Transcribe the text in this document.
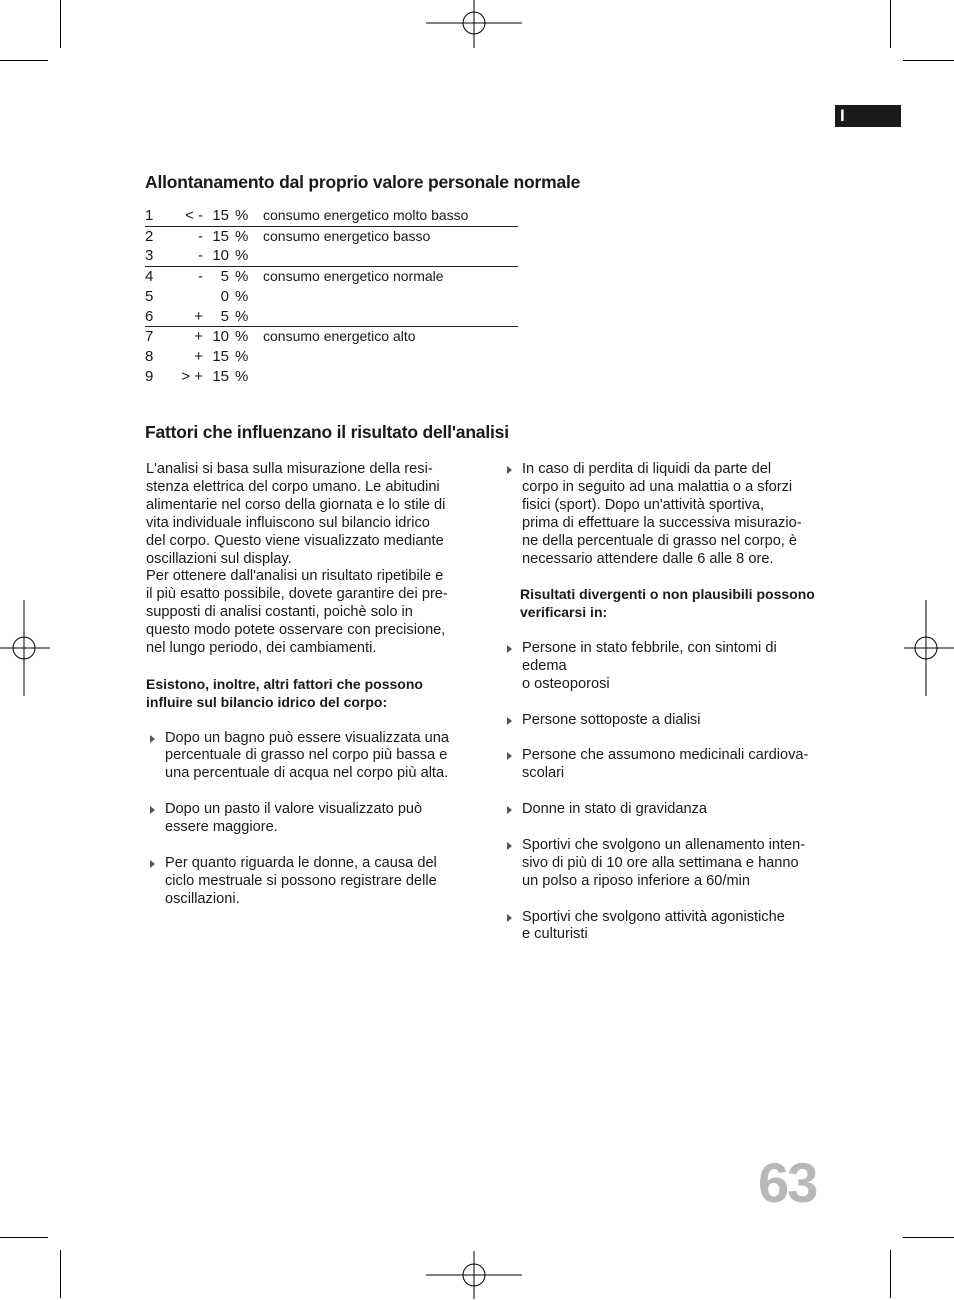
I
Allontanamento dal proprio valore personale normale
1	< -	15	%	consumo energetico molto basso
2	-	15	%	consumo energetico basso
3	-	10	%	
4	-	5	%	consumo energetico normale
5		0	%	
6	+	5	%	
7	+	10	%	consumo energetico alto
8	+	15	%	
9	> +	15	%	
Fattori che influenzano il risultato dell'analisi

L'analisi si basa sulla misurazione della resi-
stenza elettrica del corpo umano. Le abitudini
alimentarie nel corso della giornata e lo stile di
vita individuale influiscono sul bilancio idrico
del corpo. Questo viene visualizzato mediante
oscillazioni sul display.
Per ottenere dall'analisi un risultato ripetibile e
il più esatto possibile, dovete garantire dei pre-
supposti di analisi costanti, poichè solo in
questo modo potete osservare con precisione,
nel lungo periodo, dei cambiamenti.

Esistono, inoltre, altri fattori che possono
influire sul bilancio idrico del corpo:

Dopo un bagno può essere visualizzata una
percentuale di grasso nel corpo più bassa e
una percentuale di acqua nel corpo più alta.
Dopo un pasto il valore visualizzato può
essere maggiore.
Per quanto riguarda le donne, a causa del
ciclo mestruale si possono registrare delle
oscillazioni.
In caso di perdita di liquidi da parte del
corpo in seguito ad una malattia o a sforzi
fisici (sport). Dopo un'attività sportiva,
prima di effettuare la successiva misurazio-
ne della percentuale di grasso nel corpo, è
necessario attendere dalle 6 alle 8 ore.

Risultati divergenti o non plausibili possono
verificarsi in:

Persone in stato febbrile, con sintomi di
edema
o osteoporosi
Persone sottoposte a dialisi
Persone che assumono medicinali cardiova-
scolari
Donne in stato di gravidanza
Sportivi che svolgono un allenamento inten-
sivo di più di 10 ore alla settimana e hanno
un polso a riposo inferiore a 60/min
Sportivi che svolgono attività agonistiche
e culturisti
63
